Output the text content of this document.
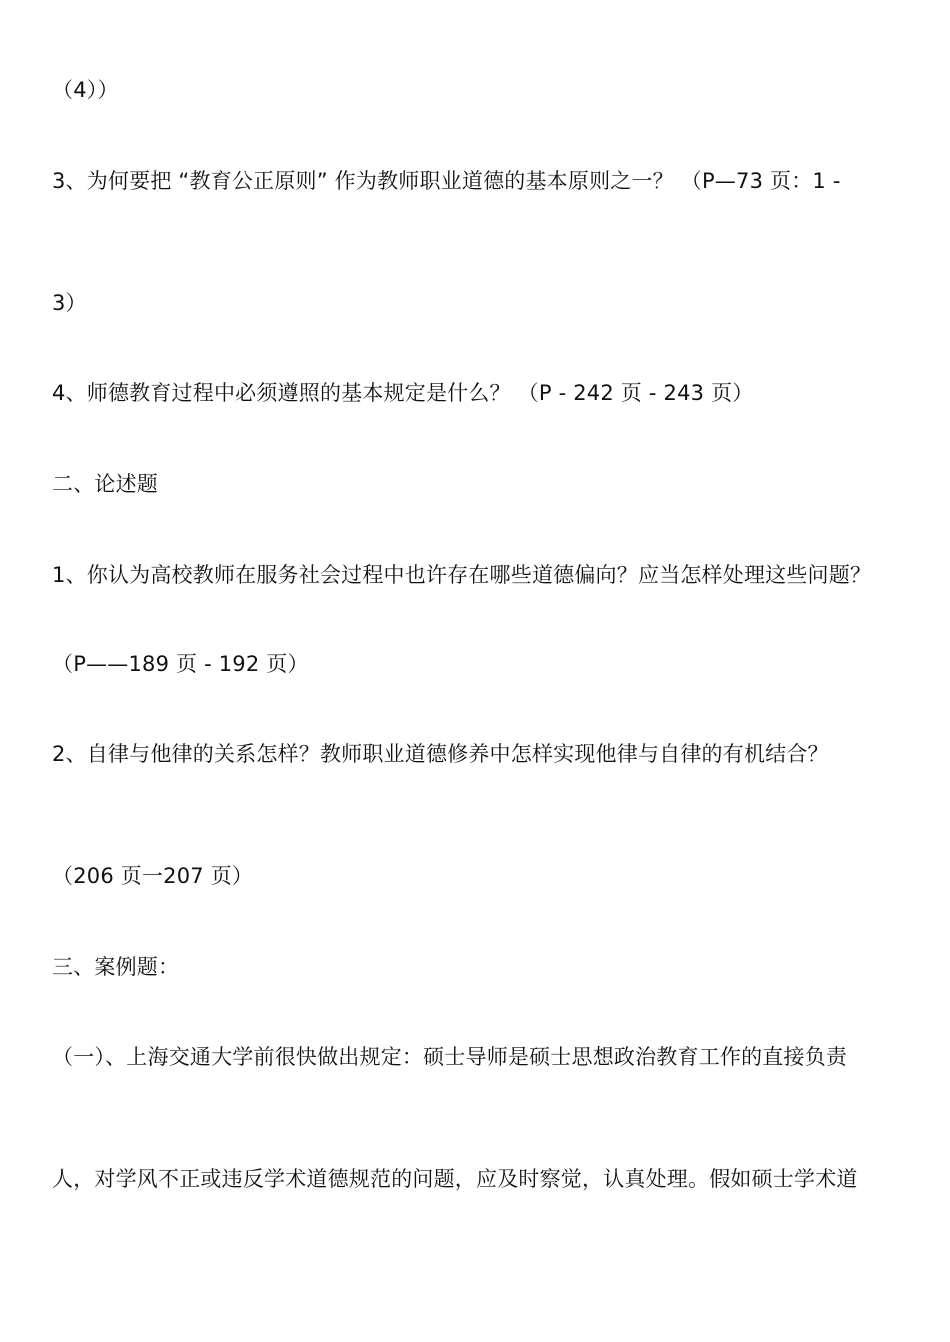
（4））
3、为何要把 “教育公正原则” 作为教师职业道德的基本原则之一？ （P—73 页：1 -
3）
4、师德教育过程中必须遵照的基本规定是什么？ （P - 242 页 - 243 页）
二、论述题
1、你认为高校教师在服务社会过程中也许存在哪些道德偏向？应当怎样处理这些问题？
（P——189 页 - 192 页）
2、自律与他律的关系怎样？教师职业道德修养中怎样实现他律与自律的有机结合？
（206 页一207 页）
三、案例题：
（一）、上海交通大学前很快做出规定：硕士导师是硕士思想政治教育工作的直接负责
人，对学风不正或违反学术道德规范的问题，应及时察觉，认真处理。假如硕士学术道
